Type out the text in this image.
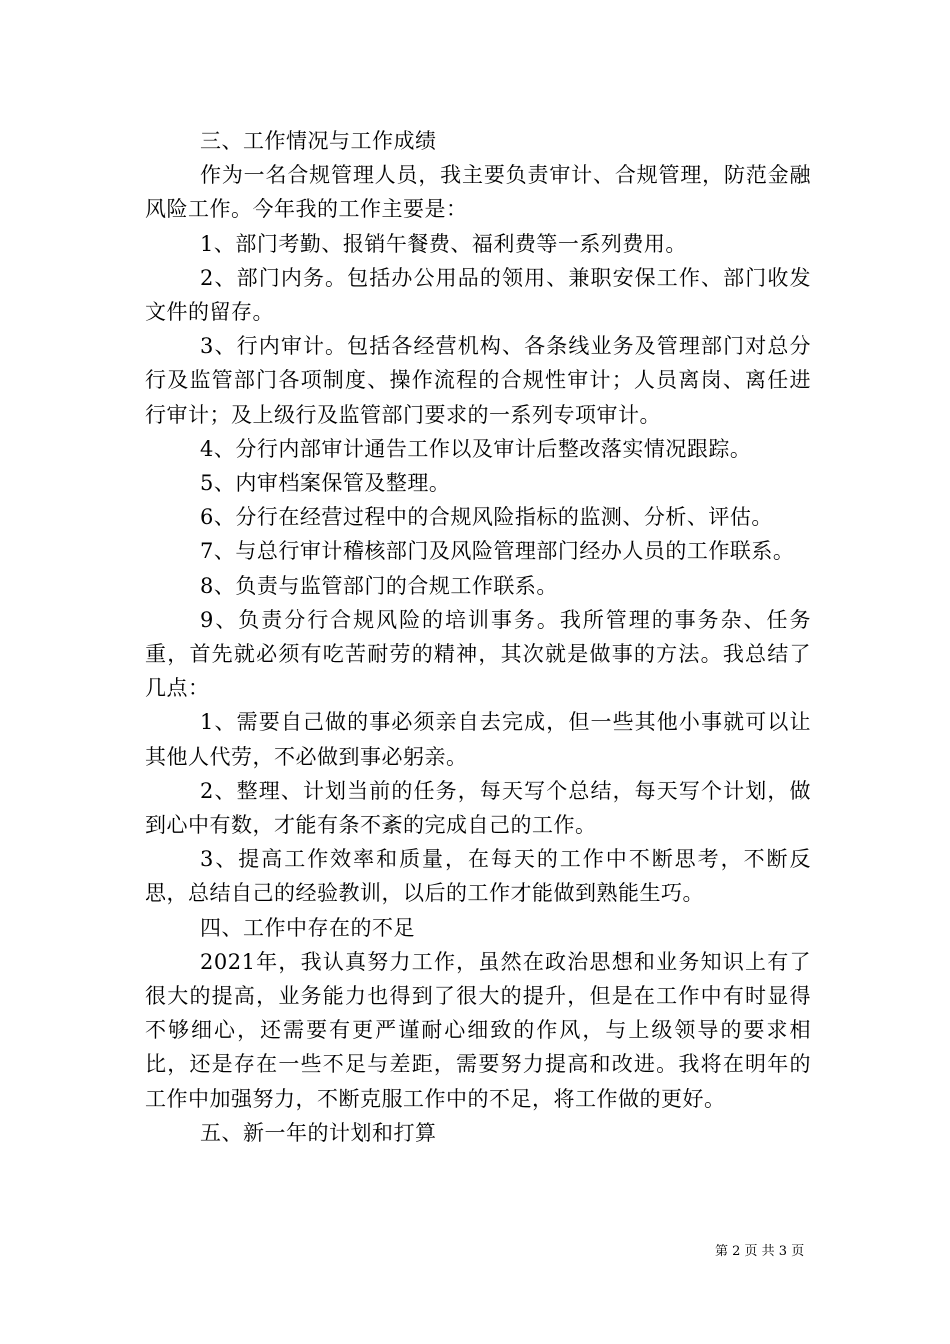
三、工作情况与工作成绩

作为一名合规管理人员，我主要负责审计、合规管理，防范金融风险工作。今年我的工作主要是：

1、部门考勤、报销午餐费、福利费等一系列费用。

2、部门内务。包括办公用品的领用、兼职安保工作、部门收发文件的留存。

3、行内审计。包括各经营机构、各条线业务及管理部门对总分行及监管部门各项制度、操作流程的合规性审计；人员离岗、离任进行审计；及上级行及监管部门要求的一系列专项审计。

4、分行内部审计通告工作以及审计后整改落实情况跟踪。

5、内审档案保管及整理。

6、分行在经营过程中的合规风险指标的监测、分析、评估。

7、与总行审计稽核部门及风险管理部门经办人员的工作联系。

8、负责与监管部门的合规工作联系。

9、负责分行合规风险的培训事务。我所管理的事务杂、任务重，首先就必须有吃苦耐劳的精神，其次就是做事的方法。我总结了几点：

1、需要自己做的事必须亲自去完成，但一些其他小事就可以让其他人代劳，不必做到事必躬亲。

2、整理、计划当前的任务，每天写个总结，每天写个计划，做到心中有数，才能有条不紊的完成自己的工作。

3、提高工作效率和质量，在每天的工作中不断思考，不断反思，总结自己的经验教训，以后的工作才能做到熟能生巧。

四、工作中存在的不足

2021年，我认真努力工作，虽然在政治思想和业务知识上有了很大的提高，业务能力也得到了很大的提升，但是在工作中有时显得不够细心，还需要有更严谨耐心细致的作风，与上级领导的要求相比，还是存在一些不足与差距，需要努力提高和改进。我将在明年的工作中加强努力，不断克服工作中的不足，将工作做的更好。

五、新一年的计划和打算

第 2 页 共 3 页
